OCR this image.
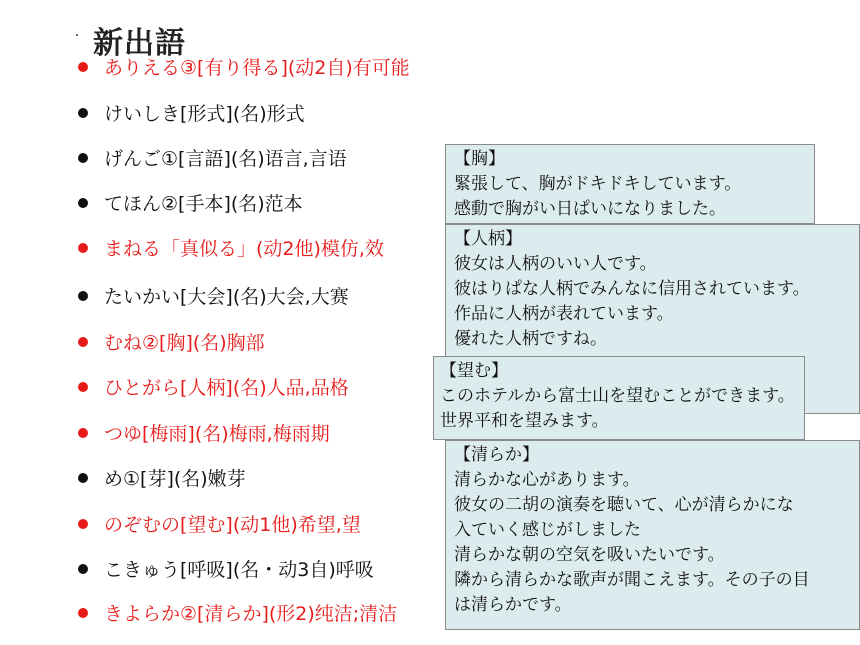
新出語
ありえる③[有り得る](动2自)有可能
けいしき[形式](名)形式
げんご①[言語](名)语言,言语
てほん②[手本](名)范本
まねる「真似る」(动2他)模仿,效
たいかい[大会](名)大会,大赛
むね②[胸](名)胸部
ひとがら[人柄](名)人品,品格
つゆ[梅雨](名)梅雨,梅雨期
め①[芽](名)嫩芽
のぞむの[望む](动1他)希望,望
こきゅう[呼吸](名・动3自)呼吸
きよらか②[清らか](形2)纯洁;清洁
【胸】
緊張して、胸がドキドキしています。
感動で胸がい日ぱいになりました。
【人柄】
彼女は人柄のいい人です。
彼はりぱな人柄でみんなに信用されています。
作品に人柄が表れています。
優れた人柄ですね。
【望む】
このホテルから富士山を望むことができます。
世界平和を望みます。
【清らか】
清らかな心があります。
彼女の二胡の演奏を聴いて、心が清らかにな
入ていく感じがしました
清らかな朝の空気を吸いたいです。
隣から清らかな歌声が聞こえます。その子の目
は清らかです。
